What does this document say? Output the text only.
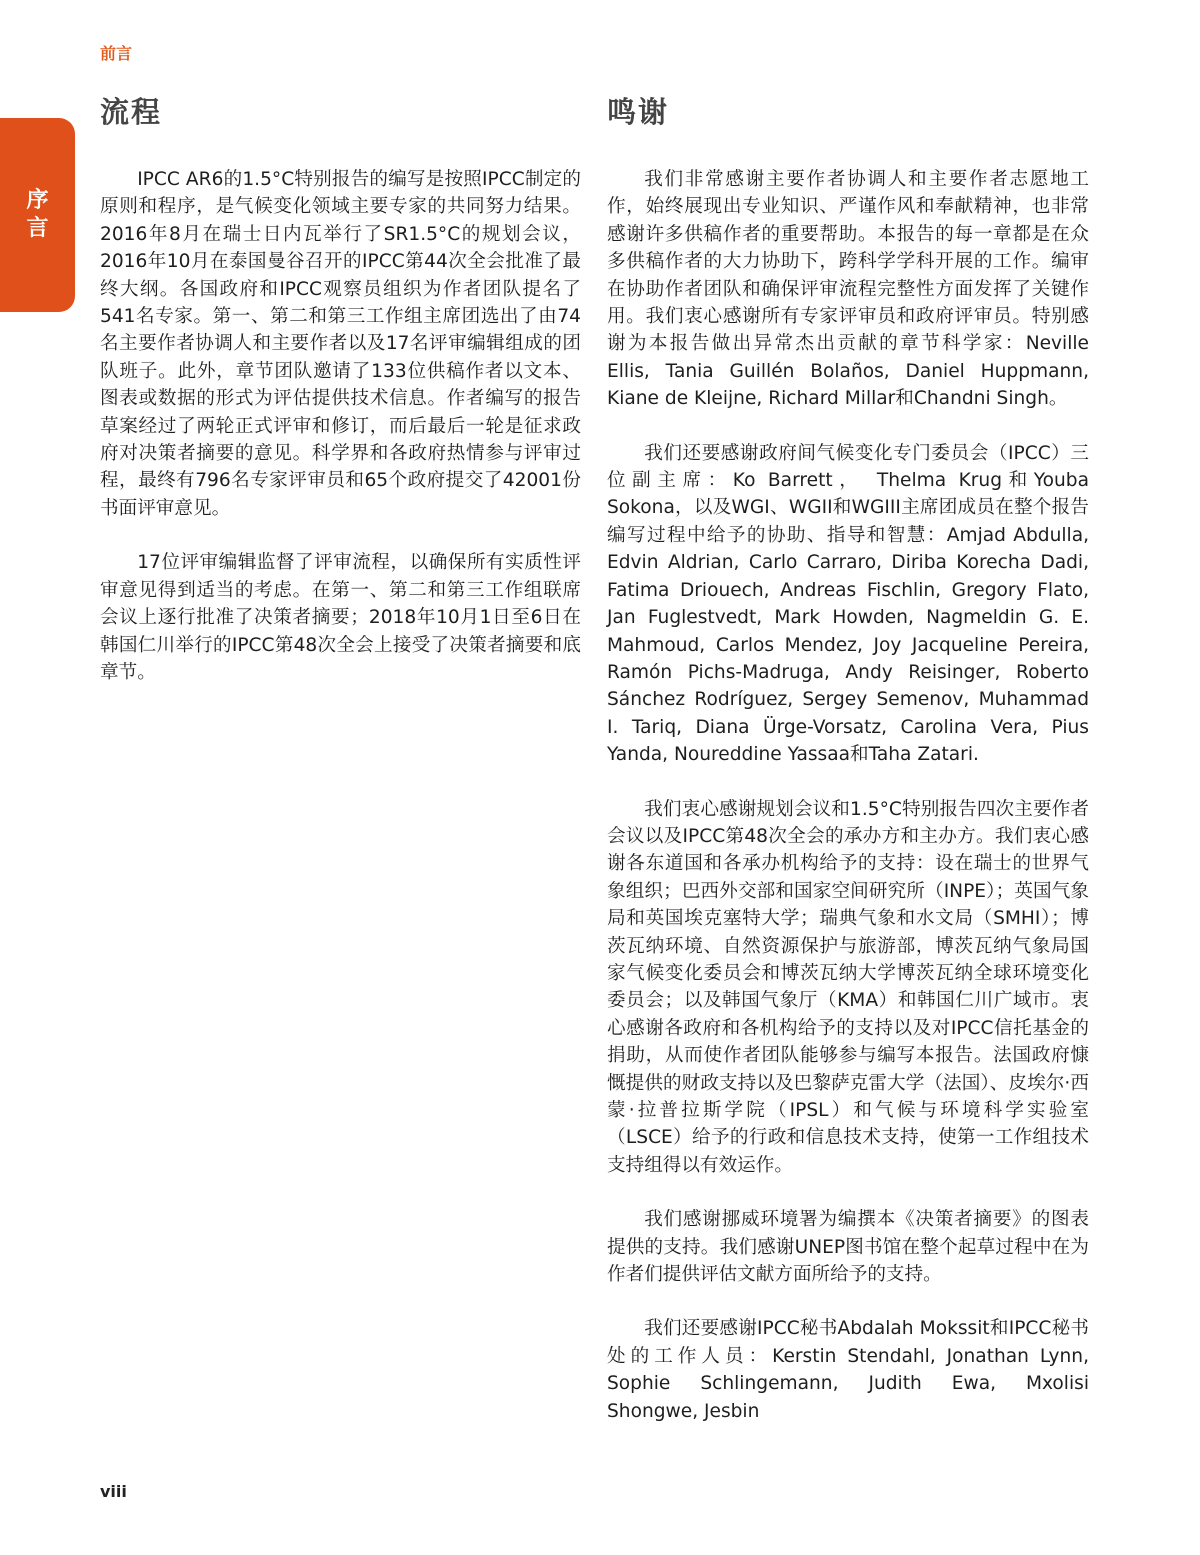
前言
序言
流程

IPCC AR6的1.5°C特别报告的编写是按照IPCC制定的原则和程序，是气候变化领域主要专家的共同努力结果。2016年8月在瑞士日内瓦举行了SR1.5°C的规划会议，2016年10月在泰国曼谷召开的IPCC第44次全会批准了最终大纲。各国政府和IPCC观察员组织为作者团队提名了541名专家。第一、第二和第三工作组主席团选出了由74名主要作者协调人和主要作者以及17名评审编辑组成的团队班子。此外，章节团队邀请了133位供稿作者以文本、图表或数据的形式为评估提供技术信息。作者编写的报告草案经过了两轮正式评审和修订，而后最后一轮是征求政府对决策者摘要的意见。科学界和各政府热情参与评审过程，最终有796名专家评审员和65个政府提交了42001份书面评审意见。

17位评审编辑监督了评审流程，以确保所有实质性评审意见得到适当的考虑。在第一、第二和第三工作组联席会议上逐行批准了决策者摘要；2018年10月1日至6日在韩国仁川举行的IPCC第48次全会上接受了决策者摘要和底章节。

鸣谢

我们非常感谢主要作者协调人和主要作者志愿地工作，始终展现出专业知识、严谨作风和奉献精神，也非常感谢许多供稿作者的重要帮助。本报告的每一章都是在众多供稿作者的大力协助下，跨科学学科开展的工作。编审在协助作者团队和确保评审流程完整性方面发挥了关键作用。我们衷心感谢所有专家评审员和政府评审员。特别感谢为本报告做出异常杰出贡献的章节科学家：Neville Ellis, Tania Guillén Bolaños, Daniel Huppmann, Kiane de Kleijne, Richard Millar和Chandni Singh。

我们还要感谢政府间气候变化专门委员会（IPCC）三位副主席：Ko Barrett， Thelma Krug和Youba Sokona，以及WGI、WGII和WGIII主席团成员在整个报告编写过程中给予的协助、指导和智慧：Amjad Abdulla, Edvin Aldrian, Carlo Carraro, Diriba Korecha Dadi, Fatima Driouech, Andreas Fischlin, Gregory Flato, Jan Fuglestvedt, Mark Howden, Nagmeldin G. E. Mahmoud, Carlos Mendez, Joy Jacqueline Pereira, Ramón Pichs-Madruga, Andy Reisinger, Roberto Sánchez Rodríguez, Sergey Semenov, Muhammad I. Tariq, Diana Ürge-Vorsatz, Carolina Vera, Pius Yanda, Noureddine Yassaa和Taha Zatari.

我们衷心感谢规划会议和1.5°C特别报告四次主要作者会议以及IPCC第48次全会的承办方和主办方。我们衷心感谢各东道国和各承办机构给予的支持：设在瑞士的世界气象组织；巴西外交部和国家空间研究所（INPE）；英国气象局和英国埃克塞特大学；瑞典气象和水文局（SMHI）；博茨瓦纳环境、自然资源保护与旅游部，博茨瓦纳气象局国家气候变化委员会和博茨瓦纳大学博茨瓦纳全球环境变化委员会；以及韩国气象厅（KMA）和韩国仁川广域市。衷心感谢各政府和各机构给予的支持以及对IPCC信托基金的捐助，从而使作者团队能够参与编写本报告。法国政府慷慨提供的财政支持以及巴黎萨克雷大学（法国）、皮埃尔·西蒙·拉普拉斯学院（IPSL）和气候与环境科学实验室（LSCE）给予的行政和信息技术支持，使第一工作组技术支持组得以有效运作。

我们感谢挪威环境署为编撰本《决策者摘要》的图表提供的支持。我们感谢UNEP图书馆在整个起草过程中在为作者们提供评估文献方面所给予的支持。

我们还要感谢IPCC秘书Abdalah Mokssit和IPCC秘书处的工作人员：Kerstin Stendahl, Jonathan Lynn, Sophie Schlingemann, Judith Ewa, Mxolisi Shongwe, Jesbin

viii
